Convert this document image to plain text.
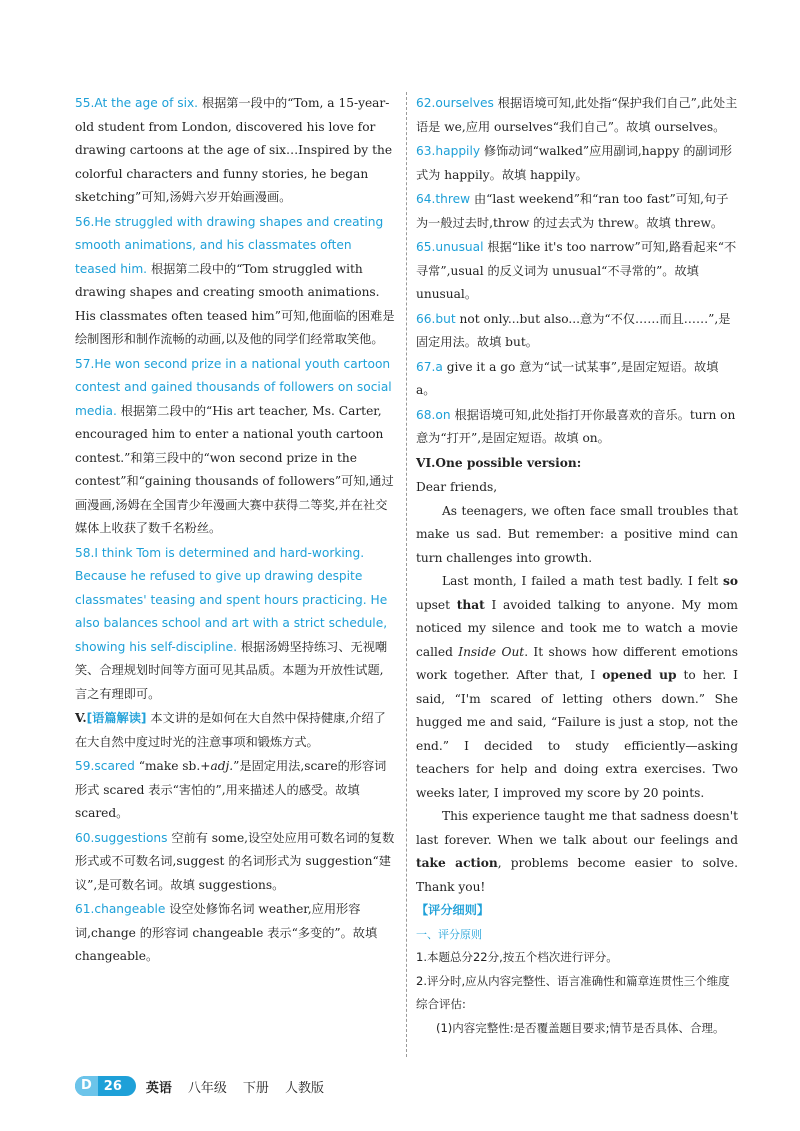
55.At the age of six. 根据第一段中的“Tom, a 15-year-old student from London, discovered his love for drawing cartoons at the age of six…Inspired by the colorful characters and funny stories, he began sketching”可知,汤姆六岁开始画漫画。
56.He struggled with drawing shapes and creating smooth animations, and his classmates often teased him. 根据第二段中的“Tom struggled with drawing shapes and creating smooth animations. His classmates often teased him”可知,他面临的困难是绘制图形和制作流畅的动画,以及他的同学们经常取笑他。
57.He won second prize in a national youth cartoon contest and gained thousands of followers on social media. 根据第二段中的“His art teacher, Ms. Carter, encouraged him to enter a national youth cartoon contest.”和第三段中的“won second prize in the contest”和“gaining thousands of followers”可知,通过画漫画,汤姆在全国青少年漫画大赛中获得二等奖,并在社交媒体上收获了数千名粉丝。
58.I think Tom is determined and hard-working. Because he refused to give up drawing despite classmates' teasing and spent hours practicing. He also balances school and art with a strict schedule, showing his self-discipline. 根据汤姆坚持练习、无视嘲笑、合理规划时间等方面可见其品质。本题为开放性试题,言之有理即可。
V.[语篇解读] 本文讲的是如何在大自然中保持健康,介绍了在大自然中度过时光的注意事项和锻炼方式。
59.scared “make sb.+adj.”是固定用法,scare的形容词形式 scared 表示“害怕的”,用来描述人的感受。故填 scared。
60.suggestions 空前有 some,设空处应用可数名词的复数形式或不可数名词,suggest 的名词形式为 suggestion“建议”,是可数名词。故填 suggestions。
61.changeable 设空处修饰名词 weather,应用形容词,change 的形容词 changeable 表示“多变的”。故填 changeable。
62.ourselves 根据语境可知,此处指“保护我们自己”,此处主语是 we,应用 ourselves“我们自己”。故填 ourselves。
63.happily 修饰动词“walked”应用副词,happy 的副词形式为 happily。故填 happily。
64.threw 由“last weekend”和“ran too fast”可知,句子为一般过去时,throw 的过去式为 threw。故填 threw。
65.unusual 根据“like it's too narrow”可知,路看起来“不寻常”,usual 的反义词为 unusual“不寻常的”。故填 unusual。
66.but not only...but also...意为“不仅……而且……”,是固定用法。故填 but。
67.a give it a go 意为“试一试某事”,是固定短语。故填 a。
68.on 根据语境可知,此处指打开你最喜欢的音乐。turn on 意为“打开”,是固定短语。故填 on。
VI.One possible version:
Dear friends,

As teenagers, we often face small troubles that make us sad. But remember: a positive mind can turn challenges into growth.

Last month, I failed a math test badly. I felt so upset that I avoided talking to anyone. My mom noticed my silence and took me to watch a movie called Inside Out. It shows how different emotions work together. After that, I opened up to her. I said, “I'm scared of letting others down.” She hugged me and said, “Failure is just a stop, not the end.” I decided to study efficiently—asking teachers for help and doing extra exercises. Two weeks later, I improved my score by 20 points.

This experience taught me that sadness doesn't last forever. When we talk about our feelings and take action, problems become easier to solve. Thank you!

【评分细则】
一、评分原则
1.本题总分22分,按五个档次进行评分。
2.评分时,应从内容完整性、语言准确性和篇章连贯性三个维度综合评估:
(1)内容完整性:是否覆盖题目要求;情节是否具体、合理。
D 26 英语 八年级 下册 人教版
